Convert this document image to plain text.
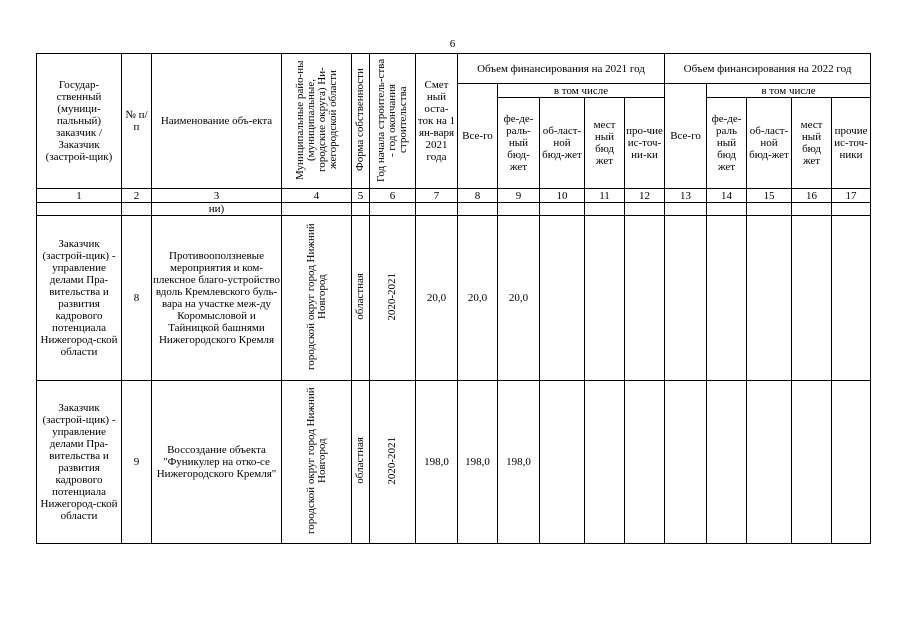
6
Государ-ственный (муници-пальный) заказчик / Заказчик (застрой-щик)	№ п/п	Наименование объ-екта	Муниципальные райо-ны (муниципальные, городские округа) Ни-жегородской области	Форма собственности	Год начала строитель-ства - год окончания строительства	Смет ный оста-ток на 1 ян-варя 2021 года	Объем финансирования на 2021 год					Объем финансирования на 2022 год				
							Все-го	в том числе				Все-го	в том числе			
								фе-де-раль-ный бюд-жет	об-ласт-ной бюд-жет	мест ный бюд жет	про-чие ис-точ-ни-ки		фе-де-раль ный бюд жет	об-ласт-ной бюд-жет	мест ный бюд жет	прочие ис-точ-ники
1	2	3	4	5	6	7	8	9	10	11	12	13	14	15	16	17
		ни)														
Заказчик (застрой-щик) - управление делами Пра-вительства и развития кадрового потенциала Нижегород-ской области	8	Противооползневые мероприятия и ком-плексное благо-устройство вдоль Кремлевского буль-вара на участке меж-ду Коромысловой и Тайницкой башнями Нижегородского Кремля	городской округ город Нижний Новгород	областная	2020-2021	20,0	20,0	20,0								
Заказчик (застрой-щик) - управление делами Пра-вительства и развития кадрового потенциала Нижегород-ской области	9	Воссоздание объекта "Фуникулер на отко-се Нижегородского Кремля"	городской округ город Нижний Новгород	областная	2020-2021	198,0	198,0	198,0								
